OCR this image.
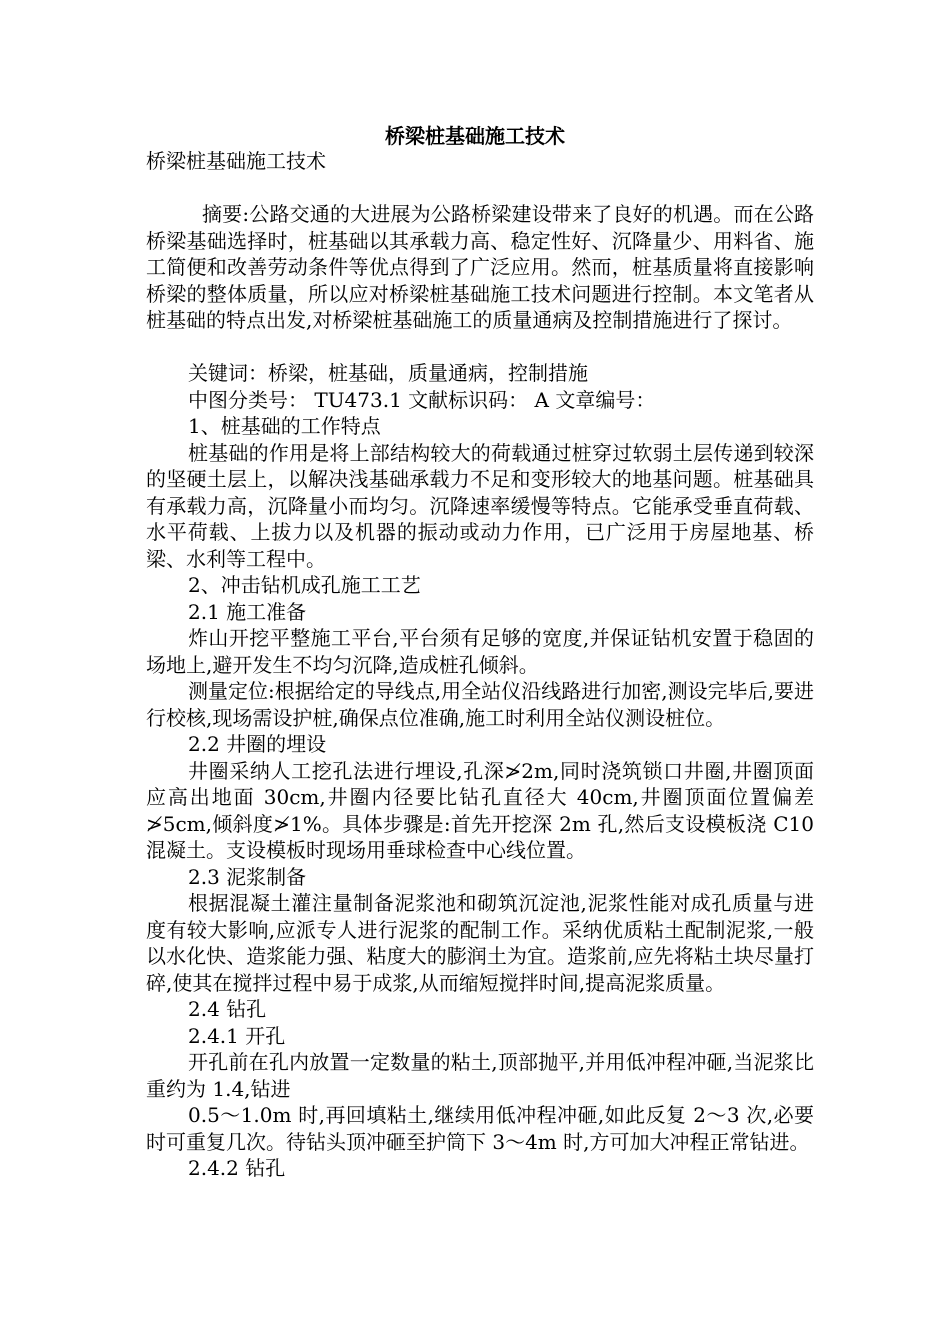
桥梁桩基础施工技术

桥梁桩基础施工技术

摘要:公路交通的大进展为公路桥梁建设带来了良好的机遇。而在公路桥梁基础选择时，桩基础以其承载力高、稳定性好、沉降量少、用料省、施工简便和改善劳动条件等优点得到了广泛应用。然而，桩基质量将直接影响桥梁的整体质量，所以应对桥梁桩基础施工技术问题进行控制。本文笔者从桩基础的特点出发,对桥梁桩基础施工的质量通病及控制措施进行了探讨。

关键词：桥梁，桩基础，质量通病，控制措施

中图分类号： TU473.1 文献标识码： A 文章编号：

1、桩基础的工作特点

桩基础的作用是将上部结构较大的荷载通过桩穿过软弱土层传递到较深的坚硬土层上，以解决浅基础承载力不足和变形较大的地基问题。桩基础具有承载力高，沉降量小而均匀。沉降速率缓慢等特点。它能承受垂直荷载、水平荷载、上拔力以及机器的振动或动力作用，已广泛用于房屋地基、桥梁、水利等工程中。

2、冲击钻机成孔施工工艺

2.1 施工准备

炸山开挖平整施工平台,平台须有足够的宽度,并保证钻机安置于稳固的场地上,避开发生不均匀沉降,造成桩孔倾斜。

测量定位:根据给定的导线点,用全站仪沿线路进行加密,测设完毕后,要进行校核,现场需设护桩,确保点位准确,施工时利用全站仪测设桩位。

2.2 井圈的埋设

井圈采纳人工挖孔法进行埋设,孔深≯2m,同时浇筑锁口井圈,井圈顶面应高出地面 30cm,井圈内径要比钻孔直径大 40cm,井圈顶面位置偏差≯5cm,倾斜度≯1%。具体步骤是:首先开挖深 2m 孔,然后支设模板浇 C10 混凝土。支设模板时现场用垂球检查中心线位置。

2.3 泥浆制备

根据混凝土灌注量制备泥浆池和砌筑沉淀池,泥浆性能对成孔质量与进度有较大影响,应派专人进行泥浆的配制工作。采纳优质粘土配制泥浆,一般以水化快、造浆能力强、粘度大的膨润土为宜。造浆前,应先将粘土块尽量打碎,使其在搅拌过程中易于成浆,从而缩短搅拌时间,提高泥浆质量。

2.4 钻孔

2.4.1 开孔

开孔前在孔内放置一定数量的粘土,顶部抛平,并用低冲程冲砸,当泥浆比重约为 1.4,钻进

0.5～1.0m 时,再回填粘土,继续用低冲程冲砸,如此反复 2～3 次,必要时可重复几次。待钻头顶冲砸至护筒下 3～4m 时,方可加大冲程正常钻进。

2.4.2 钻孔
